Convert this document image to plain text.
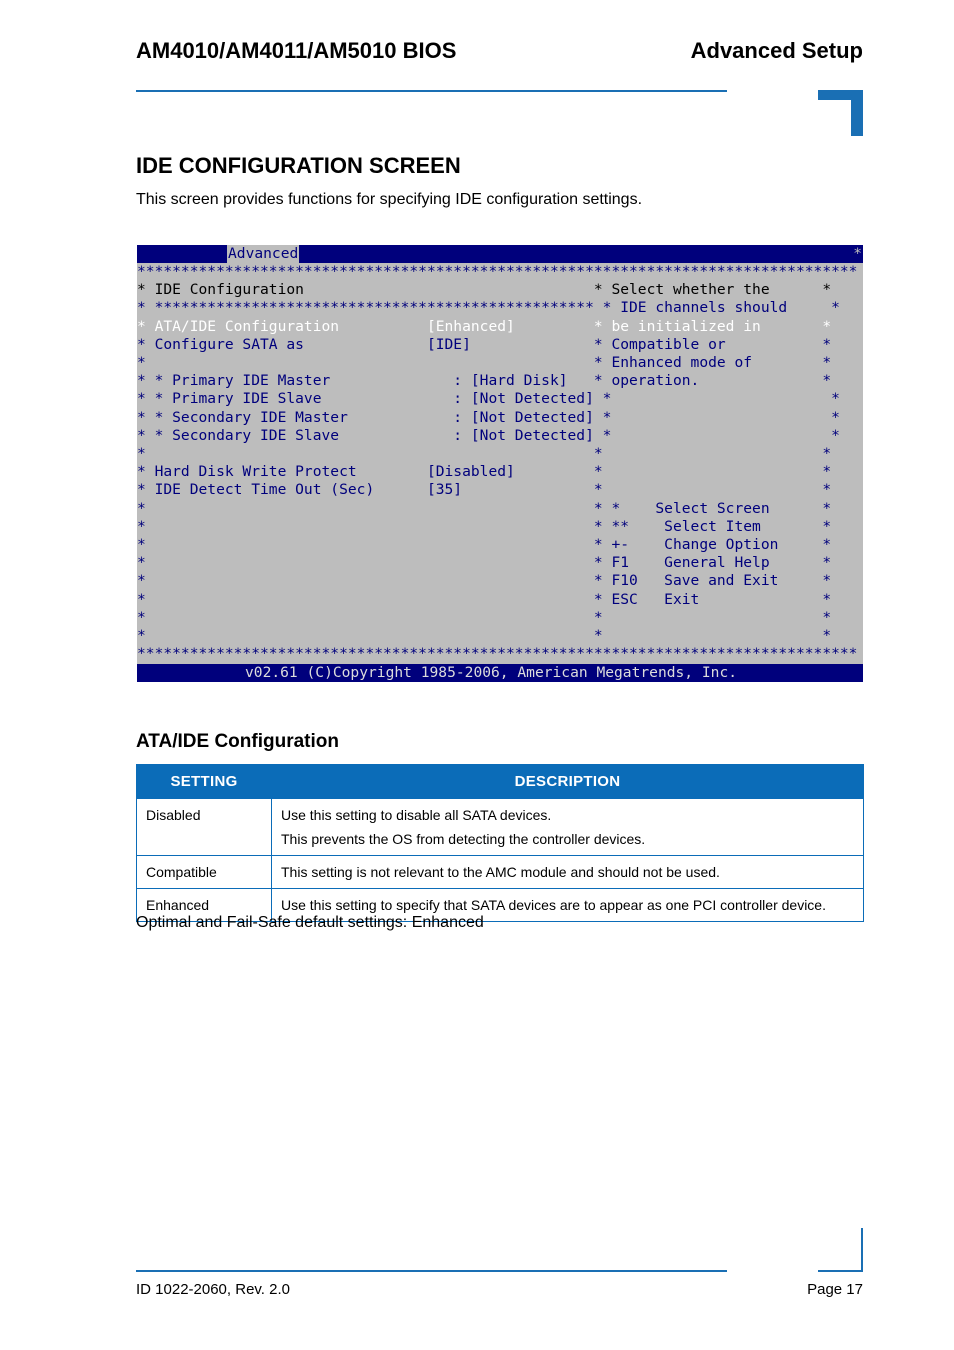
AM4010/AM4011/AM5010 BIOS	Advanced Setup
IDE CONFIGURATION SCREEN
This screen provides functions for specifying IDE configuration settings.
Advanced	*
**********************************************************************************
* IDE Configuration                                 * Select whether the      *
* ************************************************** * IDE channels should     *
* ATA/IDE Configuration          [Enhanced]         * be initialized in       *
* Configure SATA as              [IDE]              * Compatible or           *
*                                                   * Enhanced mode of        *
* * Primary IDE Master              : [Hard Disk]   * operation.              *
* * Primary IDE Slave               : [Not Detected] *                         *
* * Secondary IDE Master            : [Not Detected] *                         *
* * Secondary IDE Slave             : [Not Detected] *                         *
*                                                   *                         *
* Hard Disk Write Protect        [Disabled]         *                         *
* IDE Detect Time Out (Sec)      [35]               *                         *
*                                                   * *    Select Screen      *
*                                                   * **    Select Item       *
*                                                   * +-    Change Option     *
*                                                   * F1    General Help      *
*                                                   * F10   Save and Exit     *
*                                                   * ESC   Exit              *
*                                                   *                         *
*                                                   *                         *
**********************************************************************************
v02.61 (C)Copyright 1985-2006, American Megatrends, Inc.
ATA/IDE Configuration
SETTING	DESCRIPTION
Disabled	Use this setting to disable all SATA devices.
This prevents the OS from detecting the controller devices.

Compatible	This setting is not relevant to the AMC module and should not be used.
Enhanced	Use this setting to specify that SATA devices are to appear as one PCI controller device.
Optimal and Fail-Safe default settings: Enhanced
ID 1022-2060, Rev. 2.0	Page 17
